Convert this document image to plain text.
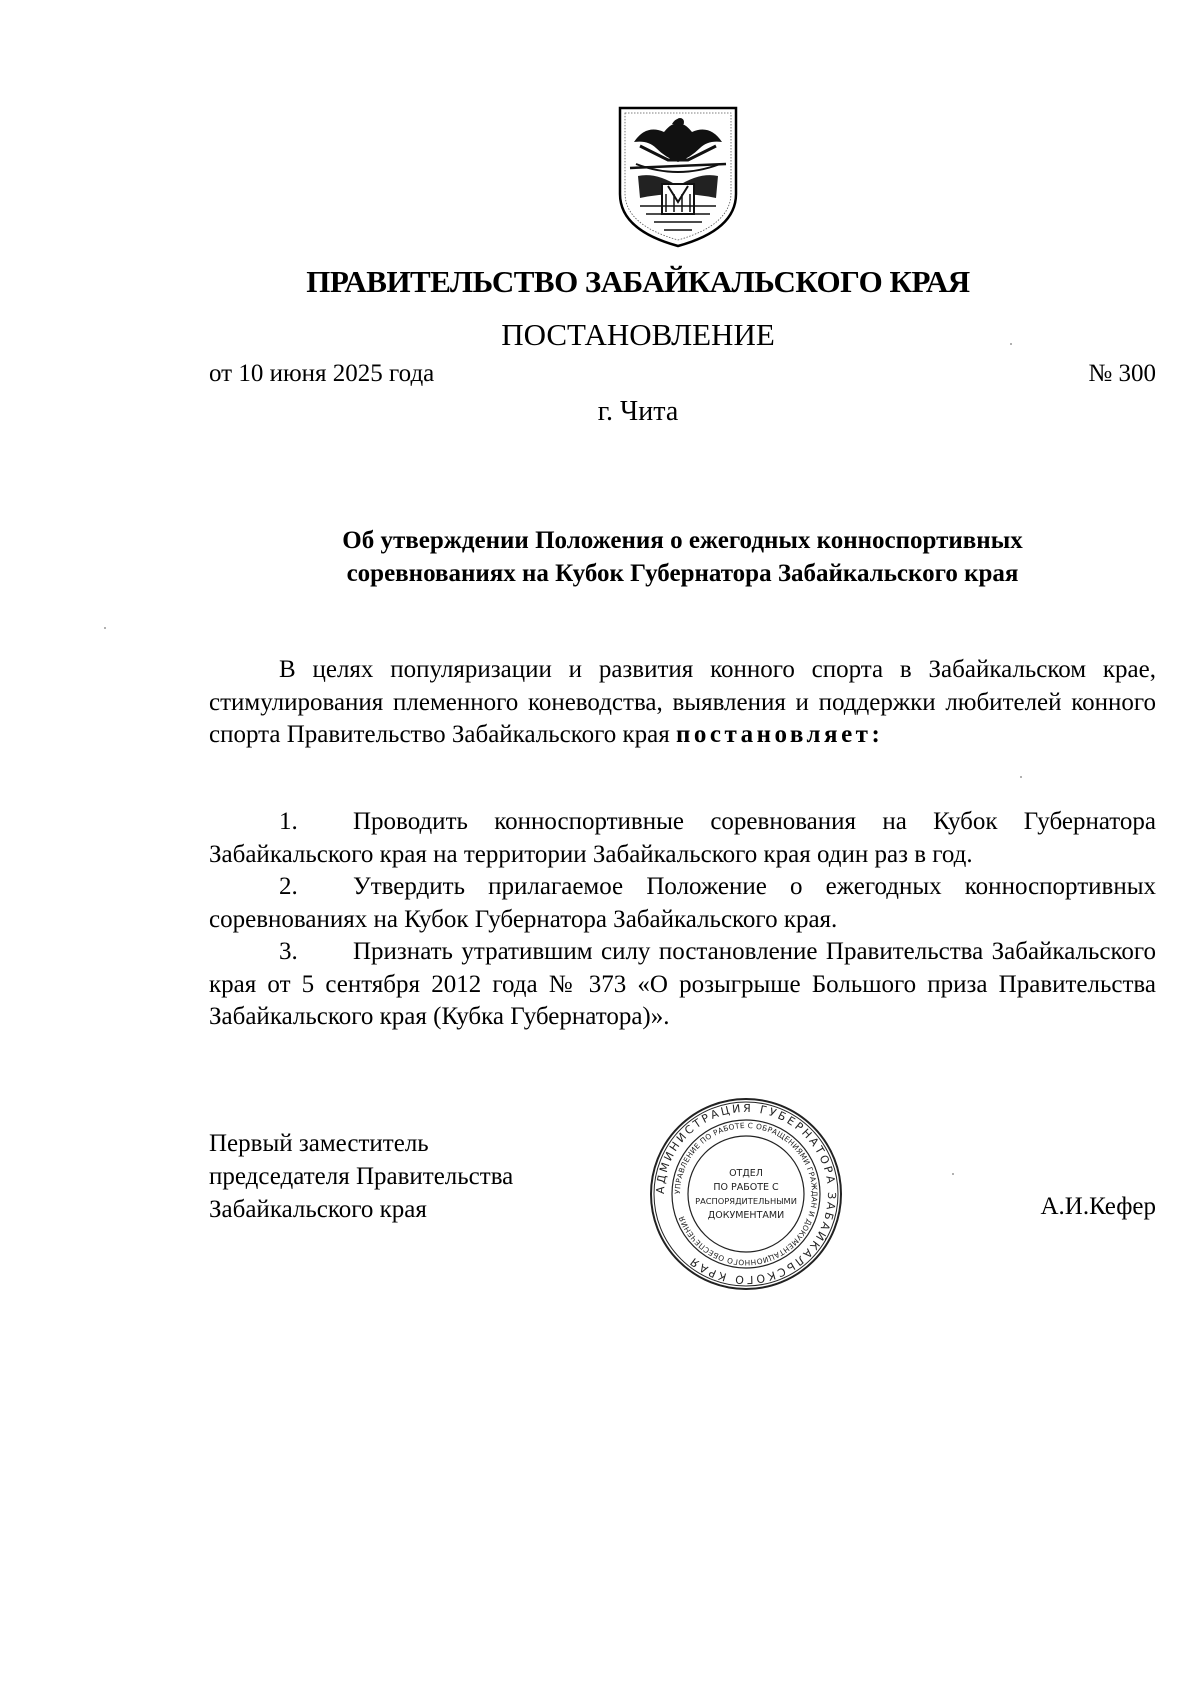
ПРАВИТЕЛЬСТВО ЗАБАЙКАЛЬСКОГО КРАЯ
ПОСТАНОВЛЕНИЕ
от 10 июня 2025 года	№ 300
г. Чита
Об утверждении Положения о ежегодных конноспортивных
соревнованиях на Кубок Губернатора Забайкальского края
В целях популяризации и развития конного спорта в Забайкальском крае, стимулирования племенного коневодства, выявления и поддержки любителей конного спорта Правительство Забайкальского края постановляет:

1. Проводить конноспортивные соревнования на Кубок Губернатора Забайкальского края на территории Забайкальского края один раз в год.

2. Утвердить прилагаемое Положение о ежегодных конноспортивных соревнованиях на Кубок Губернатора Забайкальского края.

3. Признать утратившим силу постановление Правительства Забайкальского края от 5 сентября 2012 года № 373 «О розыгрыше Большого приза Правительства Забайкальского края (Кубка Губернатора)».

Первый заместитель
председателя Правительства
Забайкальского края	А.И.Кефер
АДМИНИСТРАЦИЯ ГУБЕРНАТОРА ЗАБАЙКАЛЬСКОГО КРАЯ
УПРАВЛЕНИЕ ПО РАБОТЕ С ОБРАЩЕНИЯМИ ГРАЖДАН И ДОКУМЕНТАЦИОННОГО ОБЕСПЕЧЕНИЯ
ОТДЕЛ
ПО РАБОТЕ С
РАСПОРЯДИТЕЛЬНЫМИ
ДОКУМЕНТАМИ
